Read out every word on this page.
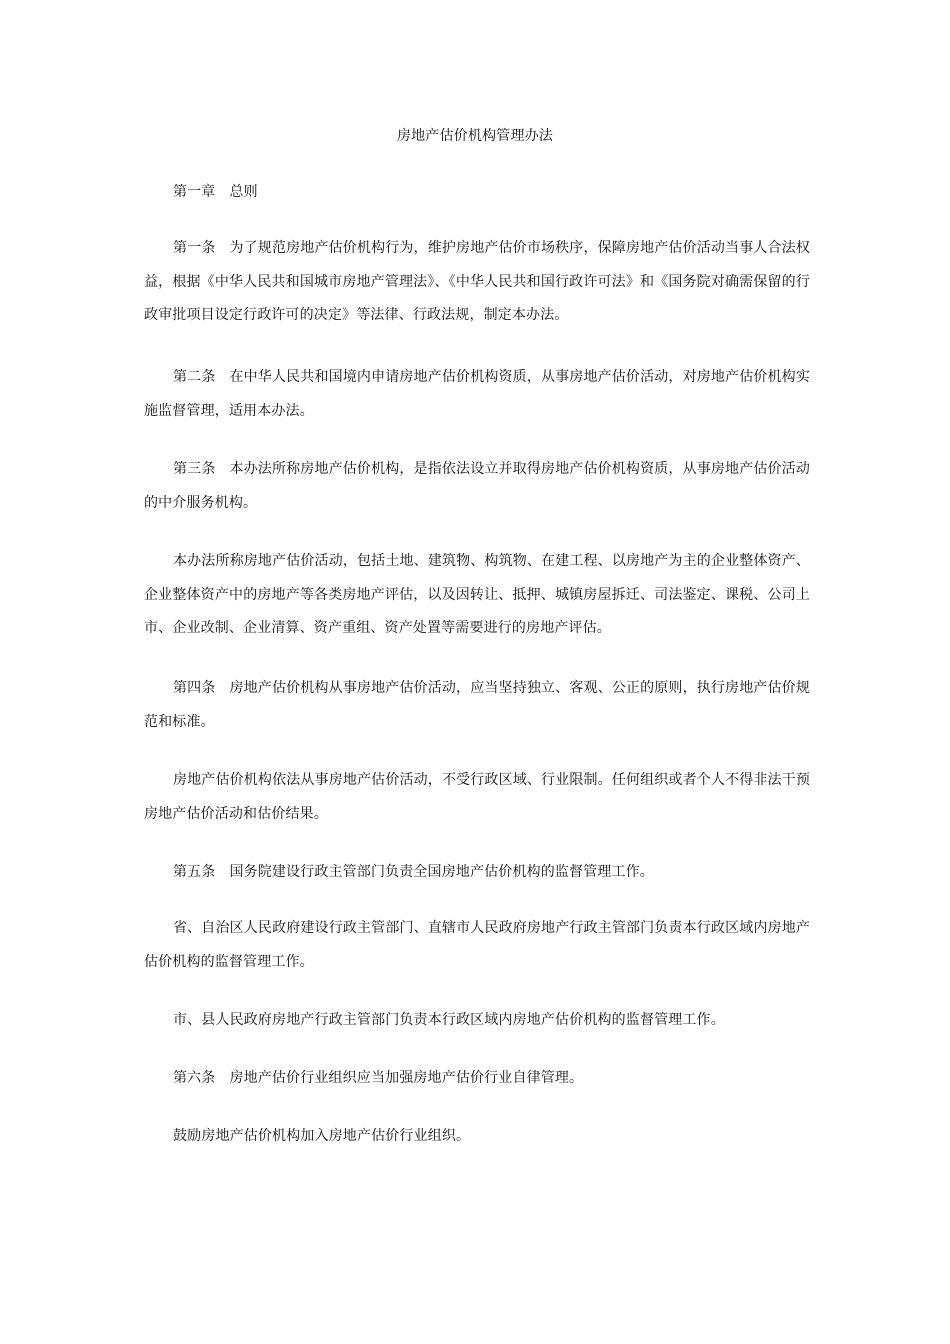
房地产估价机构管理办法

第一章 总则

第一条 为了规范房地产估价机构行为，维护房地产估价市场秩序，保障房地产估价活动当事人合法权益，根据《中华人民共和国城市房地产管理法》、《中华人民共和国行政许可法》和《国务院对确需保留的行政审批项目设定行政许可的决定》等法律、行政法规，制定本办法。

第二条 在中华人民共和国境内申请房地产估价机构资质，从事房地产估价活动，对房地产估价机构实施监督管理，适用本办法。

第三条 本办法所称房地产估价机构，是指依法设立并取得房地产估价机构资质，从事房地产估价活动的中介服务机构。

本办法所称房地产估价活动，包括土地、建筑物、构筑物、在建工程、以房地产为主的企业整体资产、企业整体资产中的房地产等各类房地产评估，以及因转让、抵押、城镇房屋拆迁、司法鉴定、课税、公司上市、企业改制、企业清算、资产重组、资产处置等需要进行的房地产评估。

第四条 房地产估价机构从事房地产估价活动，应当坚持独立、客观、公正的原则，执行房地产估价规范和标准。

房地产估价机构依法从事房地产估价活动，不受行政区域、行业限制。任何组织或者个人不得非法干预房地产估价活动和估价结果。

第五条 国务院建设行政主管部门负责全国房地产估价机构的监督管理工作。

省、自治区人民政府建设行政主管部门、直辖市人民政府房地产行政主管部门负责本行政区域内房地产估价机构的监督管理工作。

市、县人民政府房地产行政主管部门负责本行政区域内房地产估价机构的监督管理工作。

第六条 房地产估价行业组织应当加强房地产估价行业自律管理。

鼓励房地产估价机构加入房地产估价行业组织。
